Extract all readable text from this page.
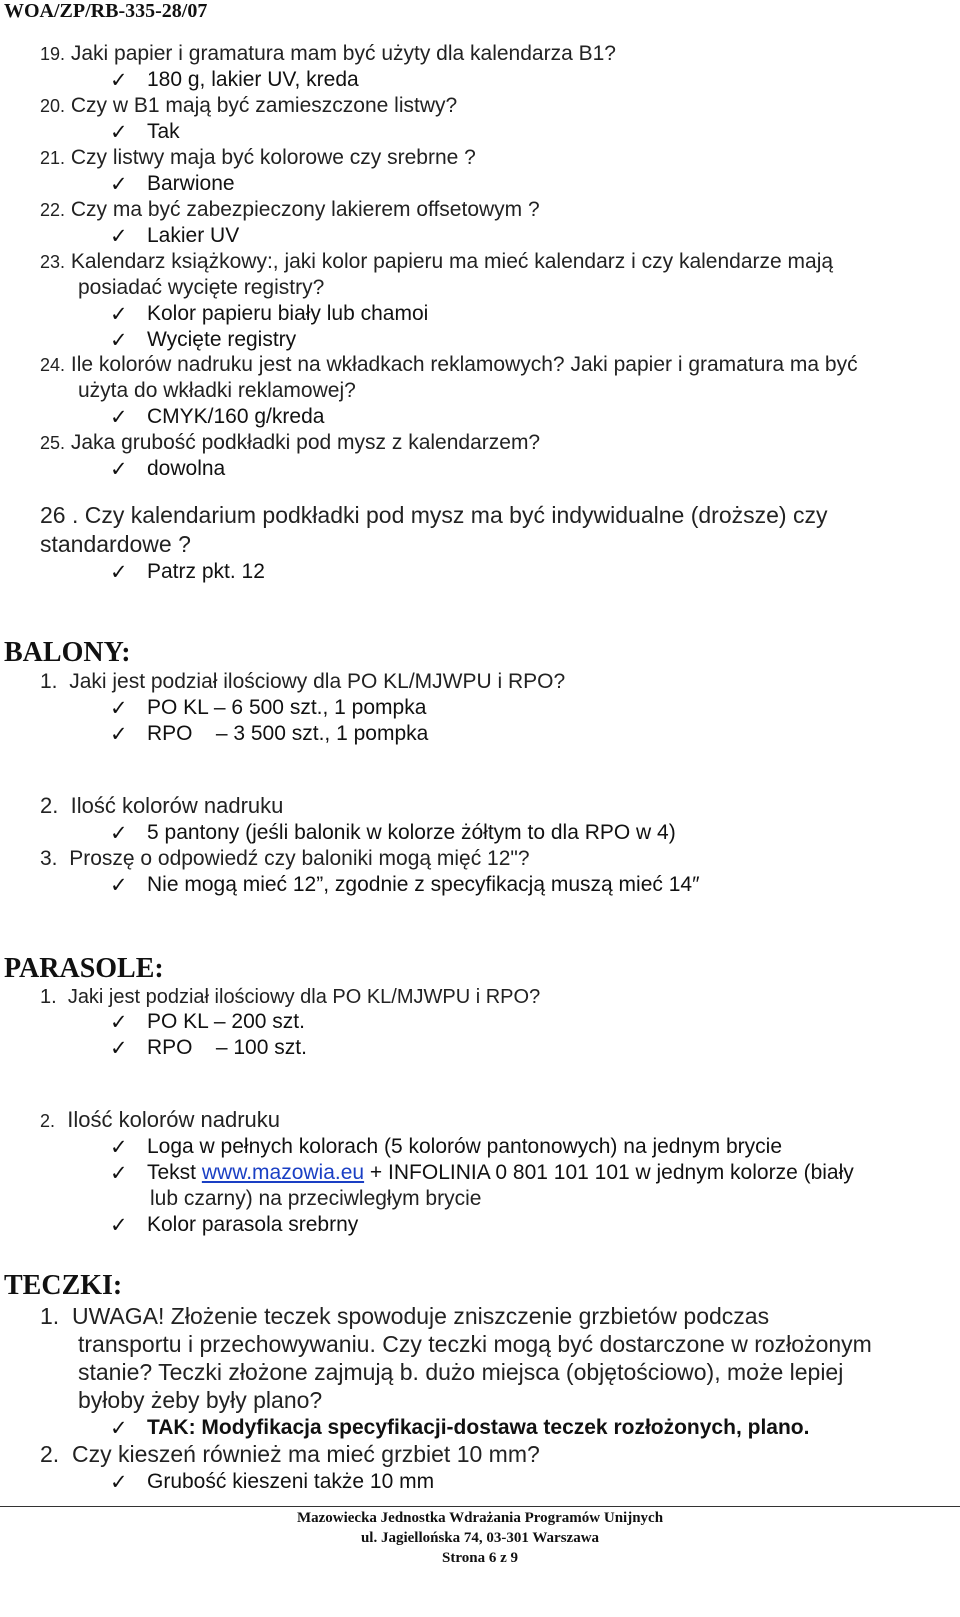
WOA/ZP/RB-335-28/07
19. Jaki papier i gramatura mam być użyty dla kalendarza B1?
✓ 180 g, lakier UV, kreda
20. Czy w B1 mają być zamieszczone listwy?
✓ Tak
21. Czy listwy maja być kolorowe czy srebrne ?
✓ Barwione
22. Czy ma być zabezpieczony lakierem offsetowym ?
✓ Lakier UV
23. Kalendarz książkowy:, jaki kolor papieru ma mieć kalendarz i czy kalendarze mają
posiadać wycięte registry?
✓ Kolor papieru biały lub chamoi
✓ Wycięte registry
24. Ile kolorów nadruku jest na wkładkach reklamowych? Jaki papier i gramatura ma być
użyta do wkładki reklamowej?
✓ CMYK/160 g/kreda
25. Jaka grubość podkładki pod mysz z kalendarzem?
✓ dowolna
26 . Czy kalendarium podkładki pod mysz ma być indywidualne (droższe) czy
standardowe ?
✓ Patrz pkt. 12
BALONY:
1. Jaki jest podział ilościowy dla PO KL/MJWPU i RPO?
✓ PO KL – 6 500 szt., 1 pompka
✓ RPO    – 3 500 szt., 1 pompka
2. Ilość kolorów nadruku
✓ 5 pantony (jeśli balonik w kolorze żółtym to dla RPO w 4)
3. Proszę o odpowiedź czy baloniki mogą mięć 12"?
✓ Nie mogą mieć 12”, zgodnie z specyfikacją muszą mieć 14″
PARASOLE:
1. Jaki jest podział ilościowy dla PO KL/MJWPU i RPO?
✓ PO KL – 200 szt.
✓ RPO    – 100 szt.
2. Ilość kolorów nadruku
✓ Loga w pełnych kolorach (5 kolorów pantonowych) na jednym brycie
✓ Tekst www.mazowia.eu + INFOLINIA 0 801 101 101 w jednym kolorze (biały
lub czarny) na przeciwległym brycie
✓ Kolor parasola srebrny
TECZKI:
1. UWAGA! Złożenie teczek spowoduje zniszczenie grzbietów podczas
transportu i przechowywaniu. Czy teczki mogą być dostarczone w rozłożonym
stanie? Teczki złożone zajmują b. dużo miejsca (objętościowo), może lepiej
byłoby żeby były plano?
✓ TAK: Modyfikacja specyfikacji-dostawa teczek rozłożonych, plano.
2. Czy kieszeń również ma mieć grzbiet 10 mm?
✓ Grubość kieszeni także 10 mm
Mazowiecka Jednostka Wdrażania Programów Unijnych
ul. Jagiellońska 74, 03-301 Warszawa
Strona 6 z 9
